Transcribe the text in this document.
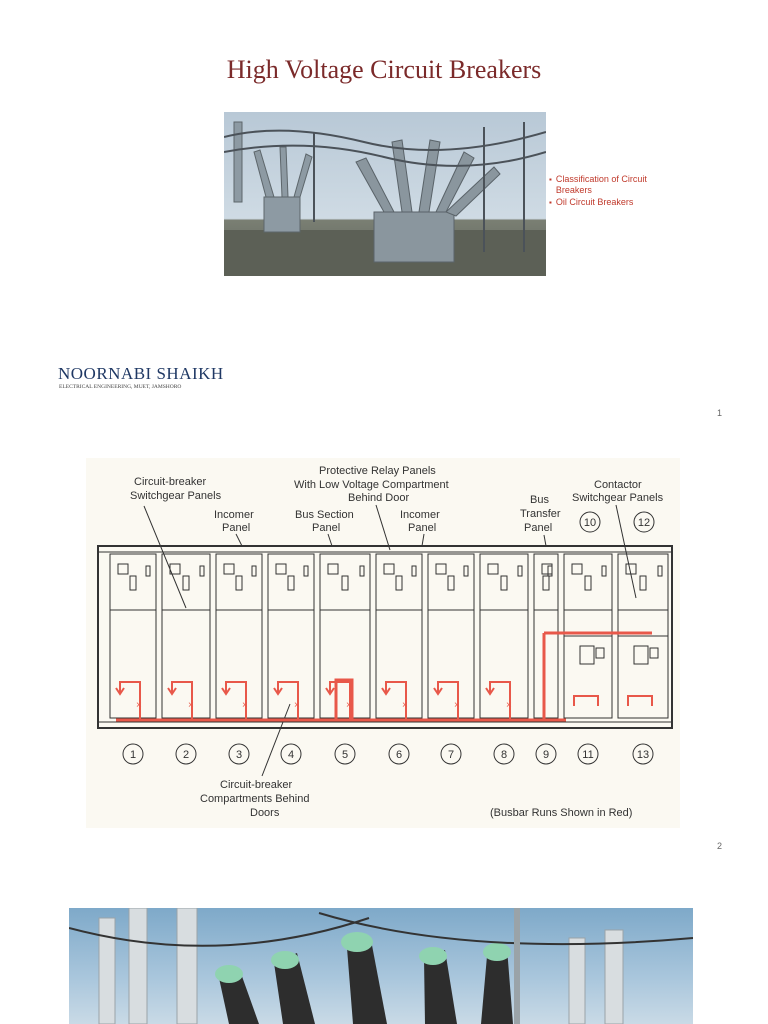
High Voltage Circuit Breakers
▪ Classification of Circuit Breakers
▪ Oil Circuit Breakers
NOORNABI SHAIKH
ELECTRICAL ENGINEERING, MUET, JAMSHORO
1
Circuit-breaker
Switchgear Panels
Incomer
Panel
Protective Relay Panels
With Low Voltage Compartment
Behind Door
Bus Section
Panel
Incomer
Panel
Bus
Transfer
Panel
Contactor
Switchgear Panels
Circuit-breaker
Compartments Behind
Doors	(Busbar Runs Shown in Red)
×	×	×	×	×	×	×	×
1	2	3	4	5	6	7	8	9	11	13
10	12
2
